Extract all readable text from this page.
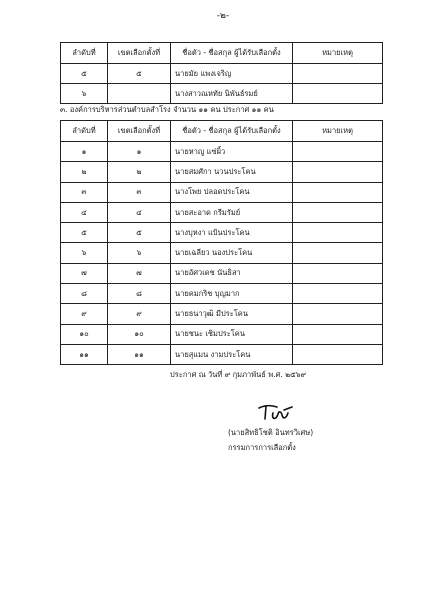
-๒-
ลำดับที่	เขตเลือกตั้งที่	ชื่อตัว - ชื่อสกุล ผู้ได้รับเลือกตั้ง	หมายเหตุ
๕	๕	นายมัย แพงเจริญ	
๖		นางสาวณหทัย นิพันธ์รมย์	
๓. องค์การบริหารส่วนตำบลสำโรง จำนวน ๑๑ คน ประกาศ ๑๑ คน
ลำดับที่	เขตเลือกตั้งที่	ชื่อตัว - ชื่อสกุล ผู้ได้รับเลือกตั้ง	หมายเหตุ
๑	๑	นายหาญู แซ่ผิ้ว	
๒	๒	นายสมศักา นวนประโคน	
๓	๓	นางโพย ปลอดประโคน	
๔	๔	นายสะอาด กรีมรัมย์	
๕	๕	นางบุหงา แป้นประโคน	
๖	๖	นายเฉลียว นองประโคน	
๗	๗	นายอัศวเดช นันธิสา	
๘	๘	นายคมกริช บุญมาก	
๙	๙	นายธนาวุฒิ มีประโคน	
๑๐	๑๐	นายชนะ เชิมประโคน	
๑๑	๑๑	นายสุแมน งามประโคน	
ประกาศ ณ วันที่ ๙ กุมภาพันธ์ พ.ศ. ๒๕๖๙
(นายสิทธิโชติ อินทรวิเศษ)
กรรมการการเลือกตั้ง
